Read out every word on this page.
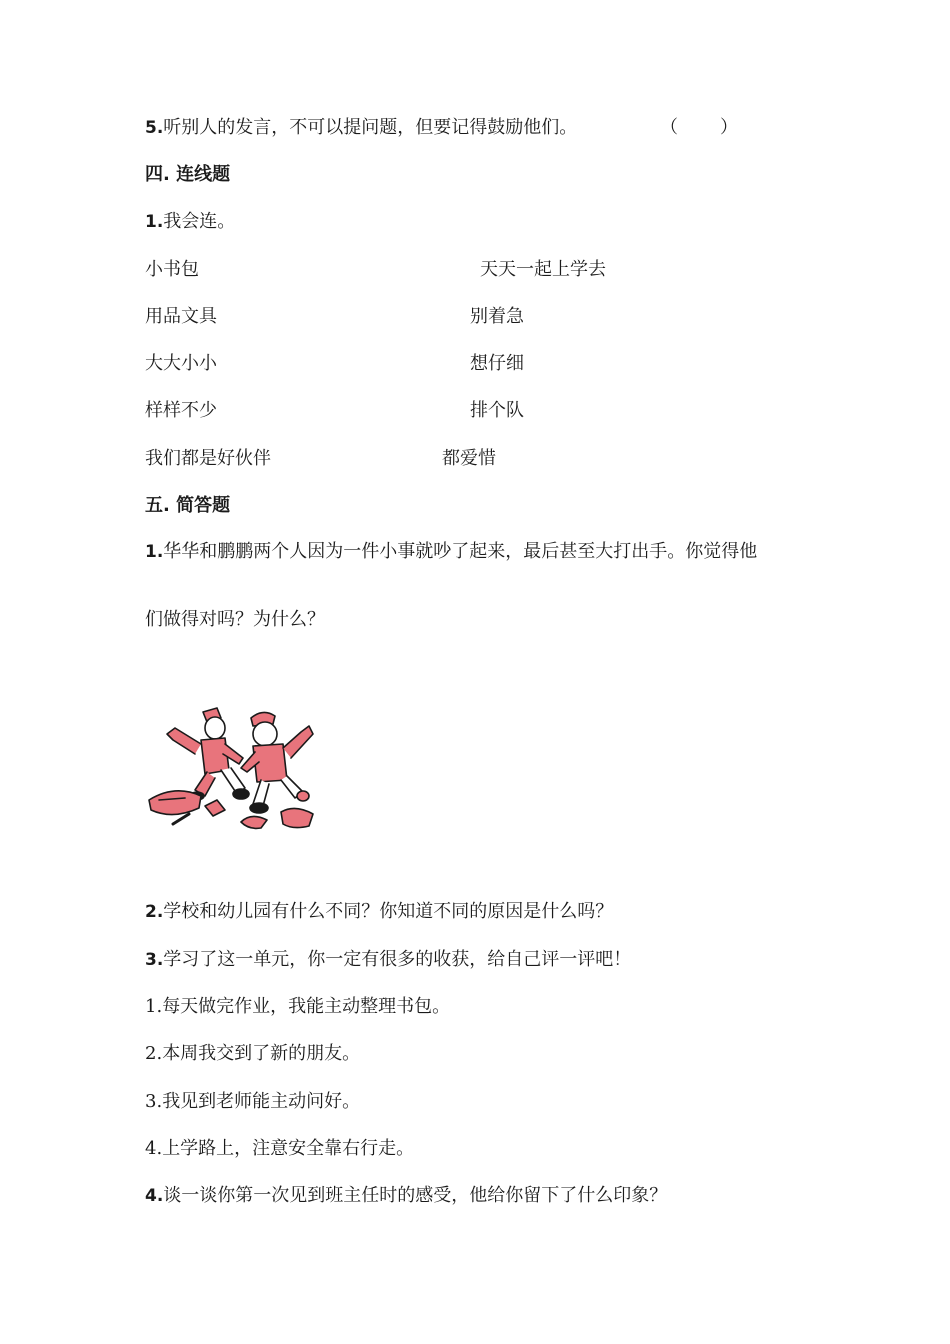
5.听别人的发言，不可以提问题，但要记得鼓励他们。	（ ）
四. 连线题
1.我会连。
小书包
用品文具
大大小小
样样不少
我们都是好伙伴
天天一起上学去
别着急
想仔细
排个队
都爱惜
五. 简答题
1.华华和鹏鹏两个人因为一件小事就吵了起来，最后甚至大打出手。你觉得他
们做得对吗？为什么？
2.学校和幼儿园有什么不同？你知道不同的原因是什么吗？
3.学习了这一单元，你一定有很多的收获，给自己评一评吧！
1.每天做完作业，我能主动整理书包。
2.本周我交到了新的朋友。
3.我见到老师能主动问好。
4.上学路上，注意安全靠右行走。
4.谈一谈你第一次见到班主任时的感受，他给你留下了什么印象？
